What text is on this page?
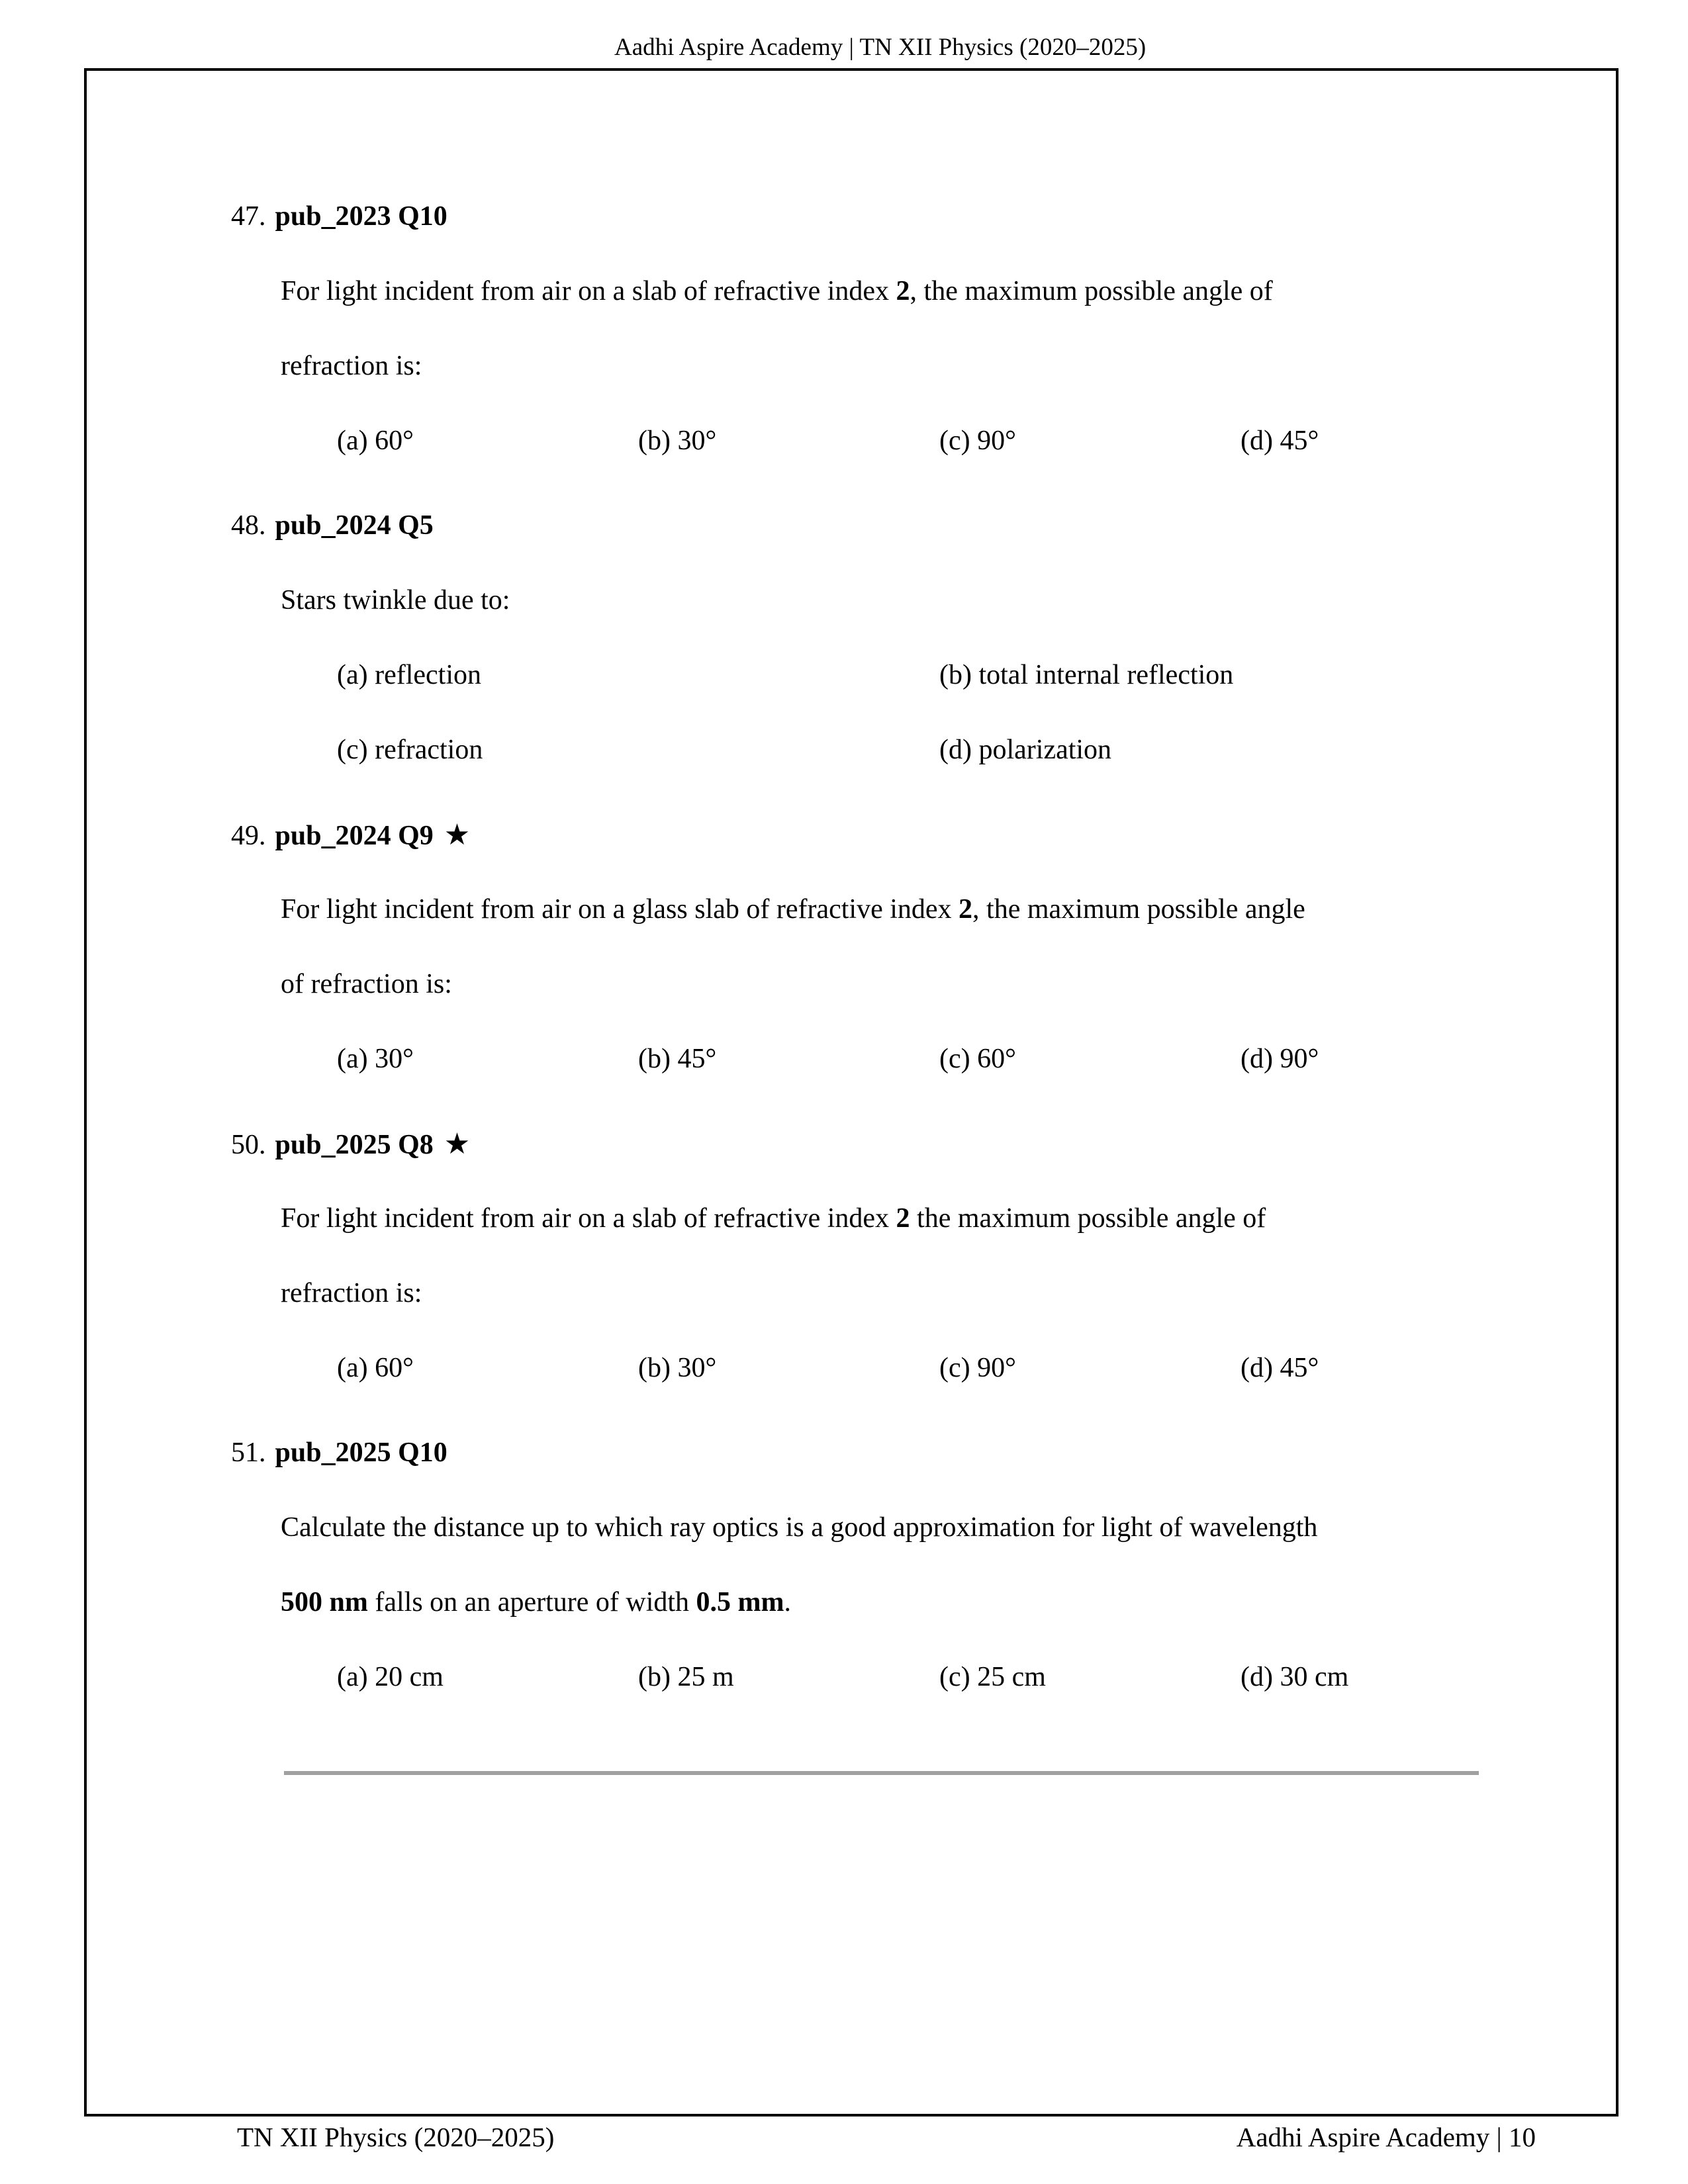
Aadhi Aspire Academy | TN XII Physics (2020–2025)
47. pub_2023 Q10
For light incident from air on a slab of refractive index 2, the maximum possible angle of
refraction is:
(a) 60°	(b) 30°	(c) 90°	(d) 45°
48. pub_2024 Q5
Stars twinkle due to:
(a) reflection	(b) total internal reflection
(c) refraction	(d) polarization
49. pub_2024 Q9 ★
For light incident from air on a glass slab of refractive index 2, the maximum possible angle
of refraction is:
(a) 30°	(b) 45°	(c) 60°	(d) 90°
50. pub_2025 Q8 ★
For light incident from air on a slab of refractive index 2 the maximum possible angle of
refraction is:
(a) 60°	(b) 30°	(c) 90°	(d) 45°
51. pub_2025 Q10
Calculate the distance up to which ray optics is a good approximation for light of wavelength
500 nm falls on an aperture of width 0.5 mm.
(a) 20 cm	(b) 25 m	(c) 25 cm	(d) 30 cm
TN XII Physics (2020–2025)	Aadhi Aspire Academy | 10
